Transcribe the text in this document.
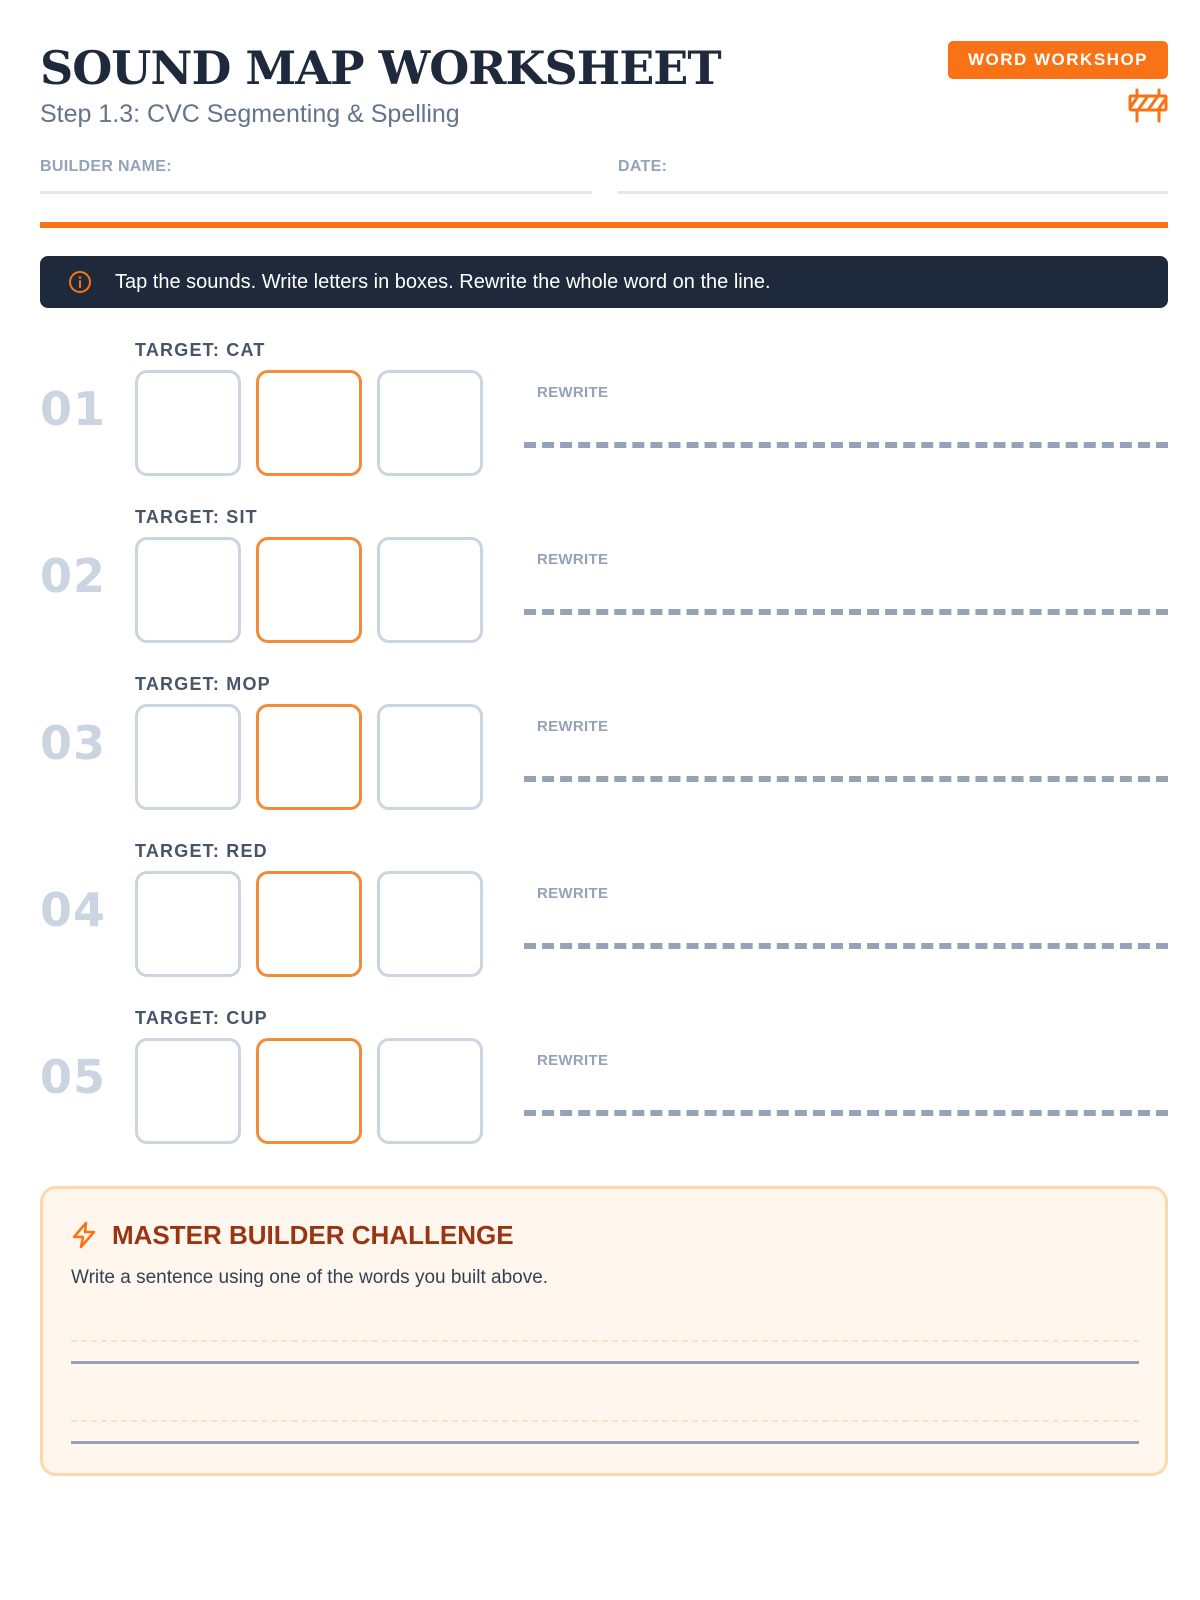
SOUND MAP WORKSHEET
Step 1.3: CVC Segmenting & Spelling
WORD WORKSHOP
BUILDER NAME:	DATE:
Tap the sounds. Write letters in boxes. Rewrite the whole word on the line.
01
TARGET: CAT
REWRITE
02
TARGET: SIT
REWRITE
03
TARGET: MOP
REWRITE
04
TARGET: RED
REWRITE
05
TARGET: CUP
REWRITE
MASTER BUILDER CHALLENGE
Write a sentence using one of the words you built above.
